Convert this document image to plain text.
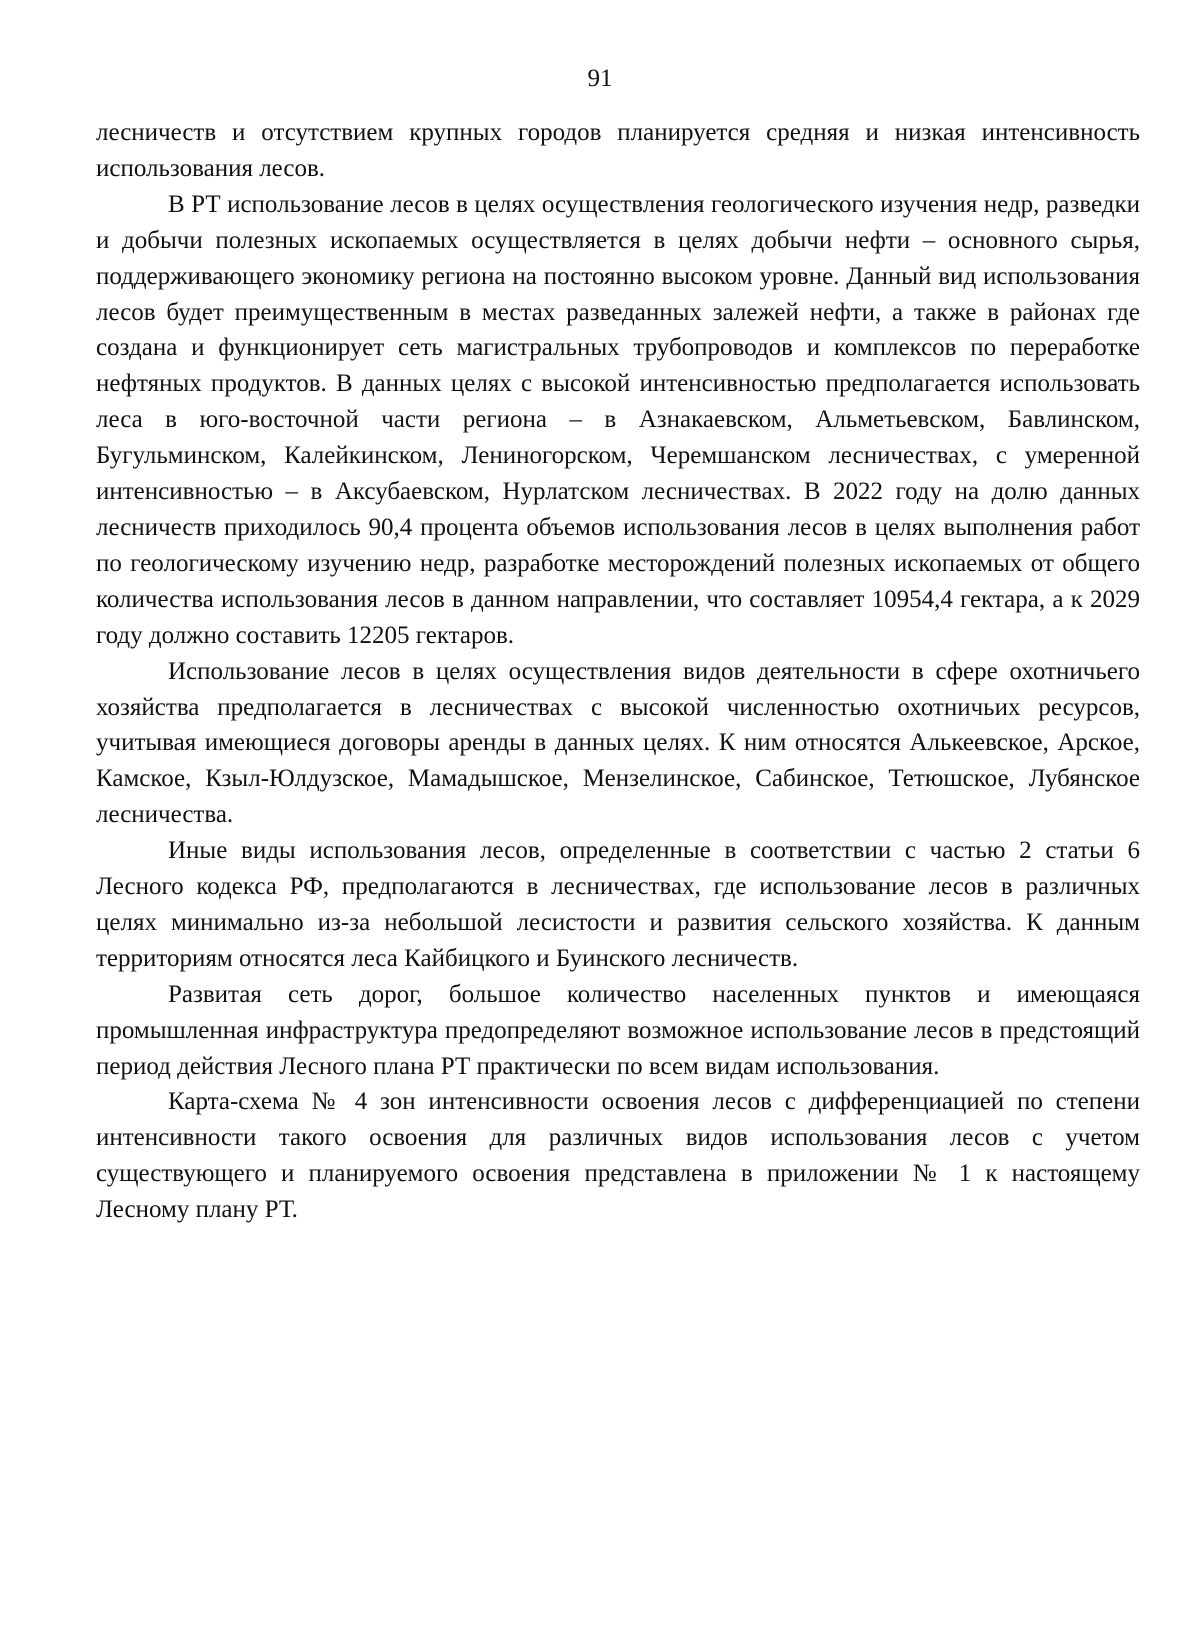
91

лесничеств и отсутствием крупных городов планируется средняя и низкая интенсивность использования лесов.

В РТ использование лесов в целях осуществления геологического изучения недр, разведки и добычи полезных ископаемых осуществляется в целях добычи нефти – основного сырья, поддерживающего экономику региона на постоянно высоком уровне. Данный вид использования лесов будет преимущественным в местах разведанных залежей нефти, а также в районах где создана и функционирует сеть магистральных трубопроводов и комплексов по переработке нефтяных продуктов. В данных целях с высокой интенсивностью предполагается использовать леса в юго-восточной части региона – в Азнакаевском, Альметьевском, Бавлинском, Бугульминском, Калейкинском, Лениногорском, Черемшанском лесничествах, с умеренной интенсивностью – в Аксубаевском, Нурлатском лесничествах. В 2022 году на долю данных лесничеств приходилось 90,4 процента объемов использования лесов в целях выполнения работ по геологическому изучению недр, разработке месторождений полезных ископаемых от общего количества использования лесов в данном направлении, что составляет 10954,4 гектара, а к 2029 году должно составить 12205 гектаров.

Использование лесов в целях осуществления видов деятельности в сфере охотничьего хозяйства предполагается в лесничествах с высокой численностью охотничьих ресурсов, учитывая имеющиеся договоры аренды в данных целях. К ним относятся Алькеевское, Арское, Камское, Кзыл-Юлдузское, Мамадышское, Мензелинское, Сабинское, Тетюшское, Лубянское лесничества.

Иные виды использования лесов, определенные в соответствии с частью 2 статьи 6 Лесного кодекса РФ, предполагаются в лесничествах, где использование лесов в различных целях минимально из-за небольшой лесистости и развития сельского хозяйства. К данным территориям относятся леса Кайбицкого и Буинского лесничеств.

Развитая сеть дорог, большое количество населенных пунктов и имеющаяся промышленная инфраструктура предопределяют возможное использование лесов в предстоящий период действия Лесного плана РТ практически по всем видам использования.

Карта-схема № 4 зон интенсивности освоения лесов с дифференциацией по степени интенсивности такого освоения для различных видов использования лесов с учетом существующего и планируемого освоения представлена в приложении № 1 к настоящему Лесному плану РТ.
